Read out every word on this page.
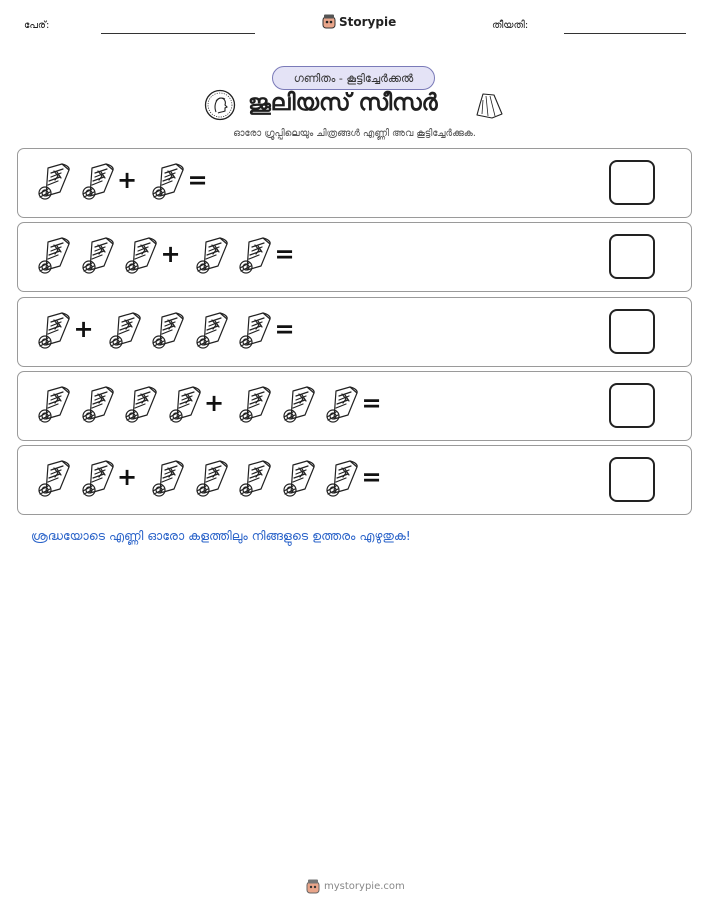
പേര്:	Storypie	തീയതി:
ഗണിതം - കൂട്ടിച്ചേർക്കൽ
ജൂലിയസ് സീസർ
ഓരോ ഗ്രൂപ്പിലെയും ചിത്രങ്ങൾ എണ്ണി അവ കൂട്ടിച്ചേർക്കുക.
+ =
+	=
+	=
+	=
+	=
ശ്രദ്ധയോടെ എണ്ണി ഓരോ കളത്തിലും നിങ്ങളുടെ ഉത്തരം എഴുതുക!
mystorypie.com
